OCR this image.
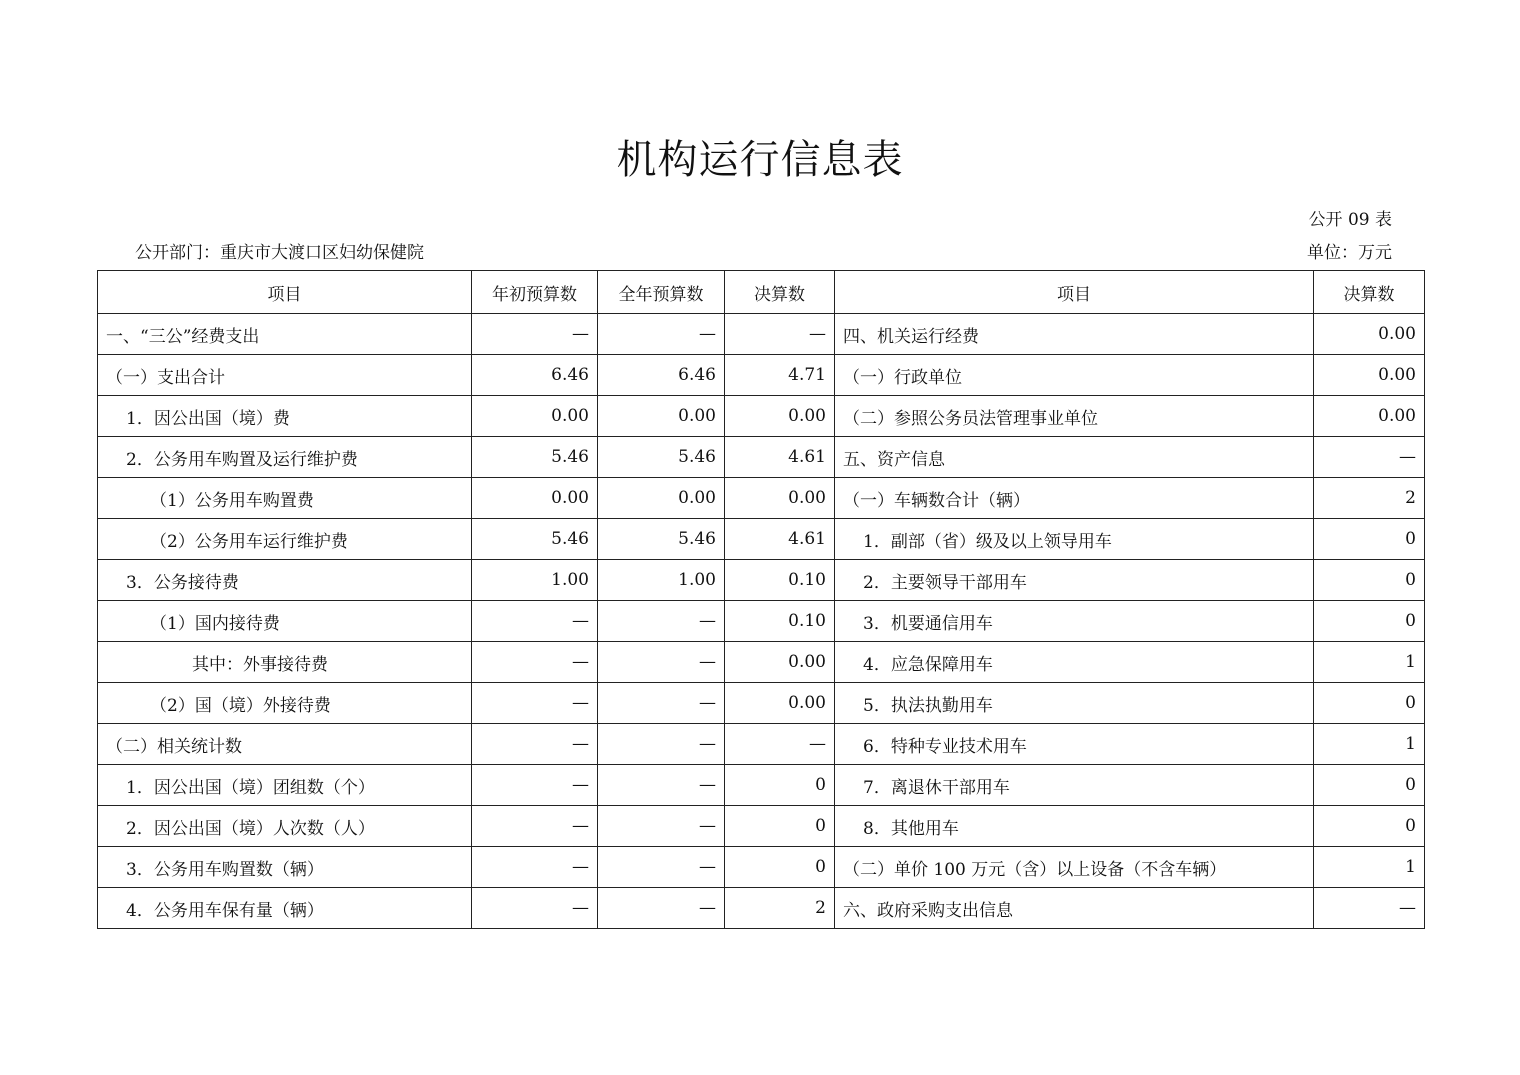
机构运行信息表
公开 09 表
公开部门：重庆市大渡口区妇幼保健院	单位：万元
项目	年初预算数	全年预算数	决算数	项目	决算数
一、“三公”经费支出	—	—	—	四、机关运行经费	0.00
（一）支出合计	6.46	6.46	4.71	（一）行政单位	0.00
1．因公出国（境）费	0.00	0.00	0.00	（二）参照公务员法管理事业单位	0.00
2．公务用车购置及运行维护费	5.46	5.46	4.61	五、资产信息	—
（1）公务用车购置费	0.00	0.00	0.00	（一）车辆数合计（辆）	2
（2）公务用车运行维护费	5.46	5.46	4.61	1．副部（省）级及以上领导用车	0
3．公务接待费	1.00	1.00	0.10	2．主要领导干部用车	0
（1）国内接待费	—	—	0.10	3．机要通信用车	0
其中：外事接待费	—	—	0.00	4．应急保障用车	1
（2）国（境）外接待费	—	—	0.00	5．执法执勤用车	0
（二）相关统计数	—	—	—	6．特种专业技术用车	1
1．因公出国（境）团组数（个）	—	—	0	7．离退休干部用车	0
2．因公出国（境）人次数（人）	—	—	0	8．其他用车	0
3．公务用车购置数（辆）	—	—	0	（二）单价 100 万元（含）以上设备（不含车辆）	1
4．公务用车保有量（辆）	—	—	2	六、政府采购支出信息	—
